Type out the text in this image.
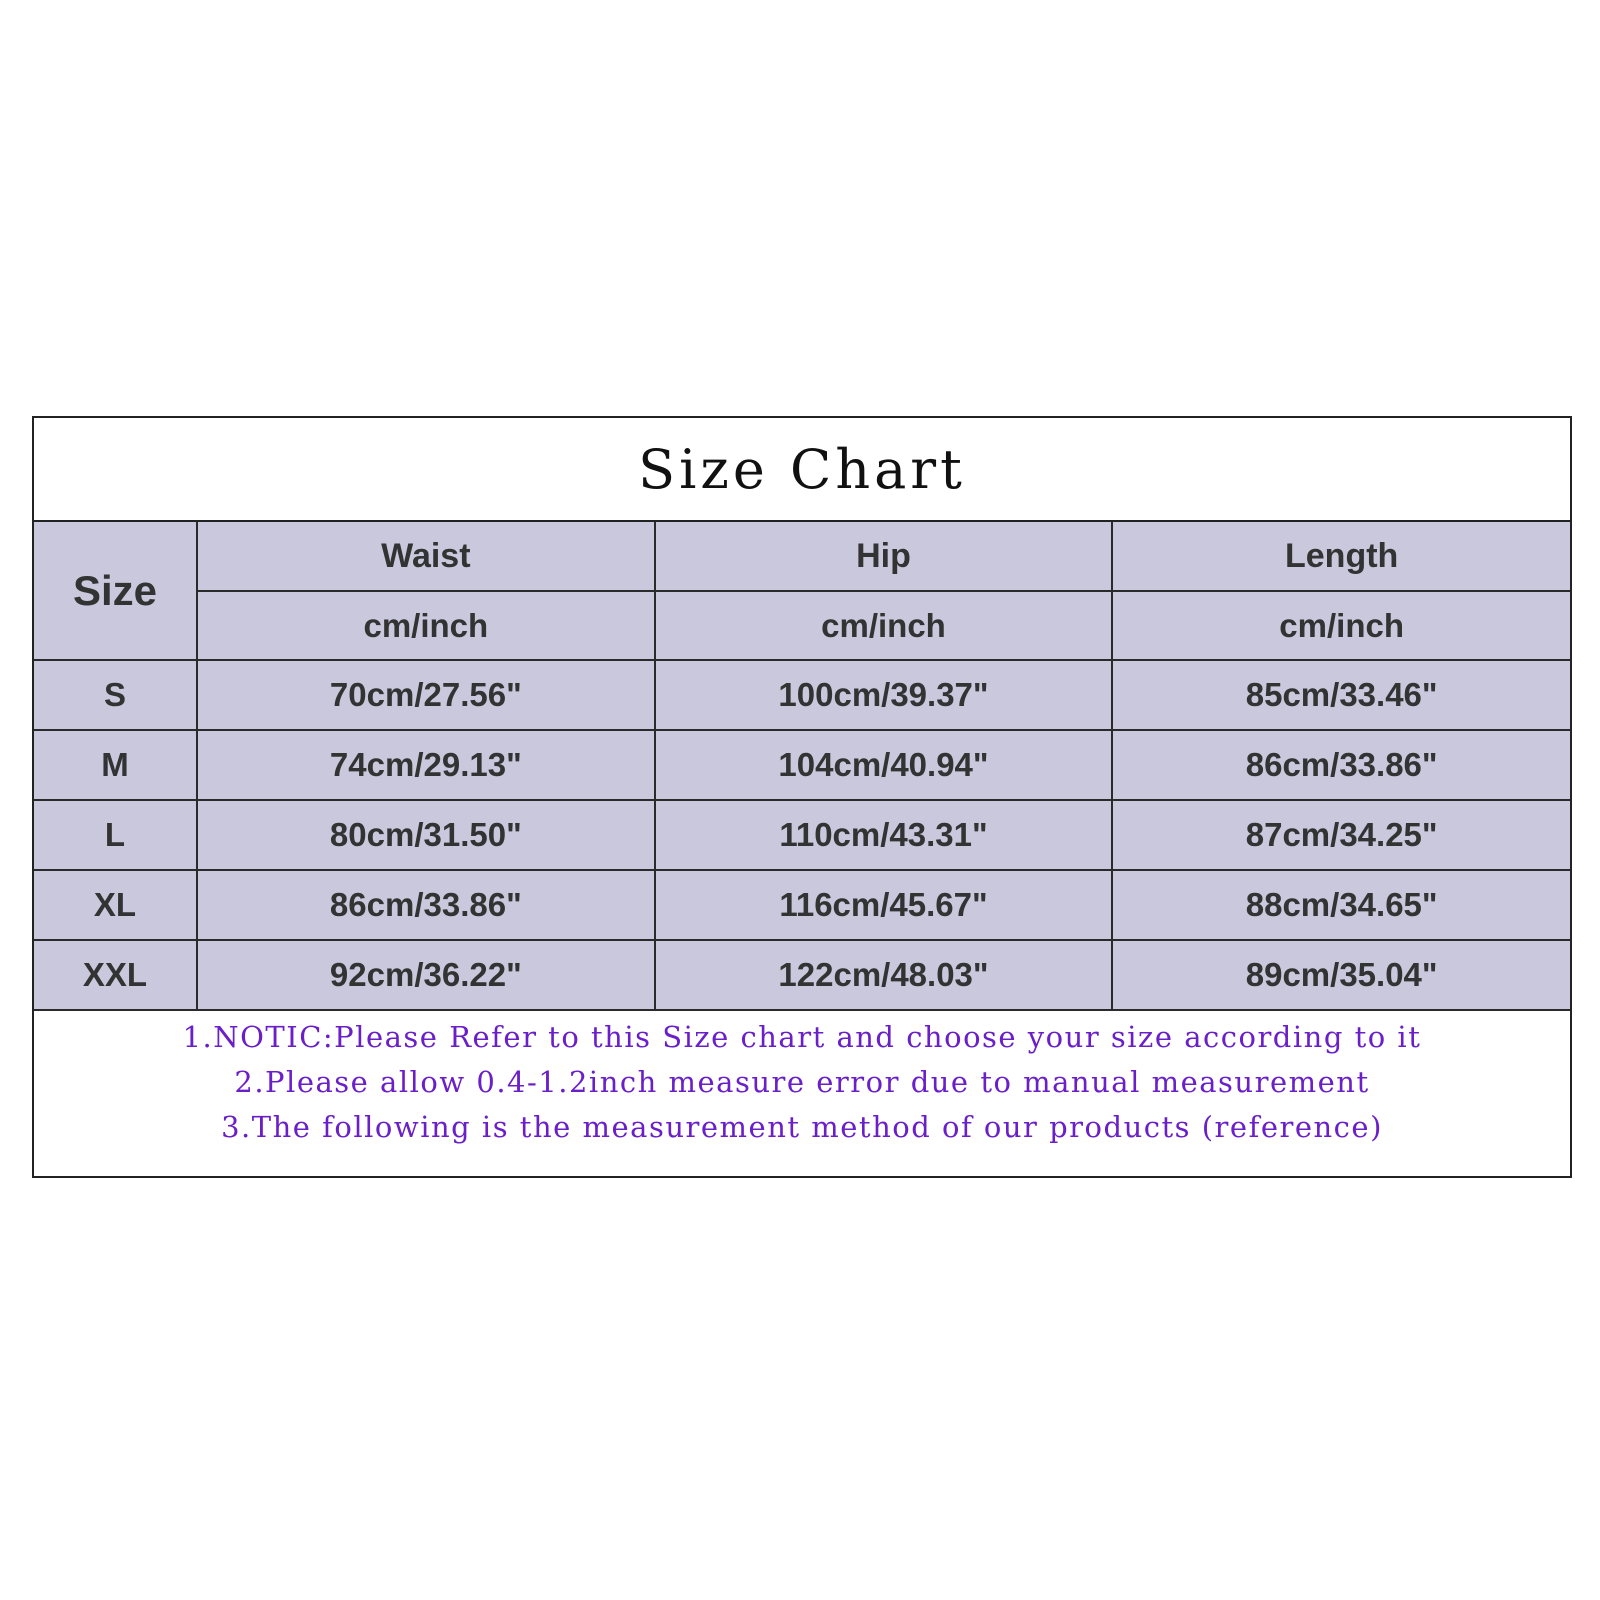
Size Chart
Size	Waist	Hip	Length
	cm/inch	cm/inch	cm/inch
S	70cm/27.56"	100cm/39.37"	85cm/33.46"
M	74cm/29.13"	104cm/40.94"	86cm/33.86"
L	80cm/31.50"	110cm/43.31"	87cm/34.25"
XL	86cm/33.86"	116cm/45.67"	88cm/34.65"
XXL	92cm/36.22"	122cm/48.03"	89cm/35.04"
1.NOTIC:Please Refer to this Size chart and choose your size according to it
2.Please allow 0.4-1.2inch measure error due to manual measurement
3.The following is the measurement method of our products (reference)
